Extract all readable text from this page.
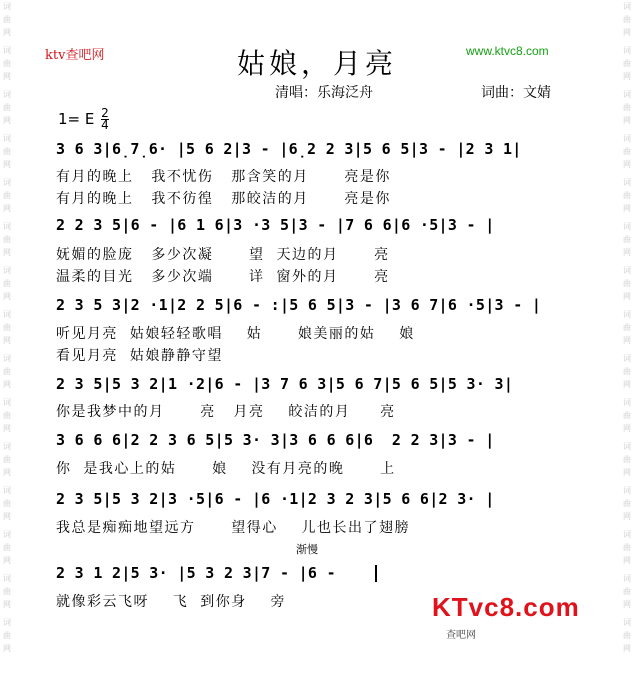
词曲网
词曲网
词曲网
词曲网
词曲网
词曲网
词曲网
词曲网
词曲网
词曲网
词曲网
词曲网
词曲网
词曲网
词曲网
词曲网
词曲网
词曲网
词曲网
词曲网
词曲网
词曲网
词曲网
词曲网
词曲网
词曲网
词曲网
词曲网
词曲网
词曲网
ktv查吧网	www.ktvc8.com
姑娘，月亮
清唱：乐海泛舟	词曲：文婧
1= E $\frac{2}{4}$
3 6 3|6̣7̣6· |5 6 2|3 - |6̣2 2 3|5 6 5|3 - |2 3 1|
有月的晚上   我不忧伤   那含笑的月      亮是你
有月的晚上   我不彷徨   那皎洁的月      亮是你
2 2 3 5|6 - |6 1 6|3 ·3 5|3 - |7 6 6|6 ·5|3 - |
妩媚的脸庞   多少次凝      望  天边的月      亮
温柔的目光   多少次端      详  窗外的月      亮
2 3 5 3|2 ·1|2 2 5|6 - :|5 6 5|3 - |3 6 7|6 ·5|3 - |
听见月亮  姑娘轻轻歌唱    姑      娘美丽的姑    娘
看见月亮  姑娘静静守望
2 3 5|5 3 2|1 ·2|6 - |3 7 6 3|5 6 7|5 6 5|5 3· 3|
你是我梦中的月      亮   月亮    皎洁的月     亮
3 6 6 6|2 2 3 6 5|5 3· 3|3 6 6 6|6  2 2 3|3 - |
你  是我心上的姑      娘    没有月亮的晚      上
2 3 5|5 3 2|3 ·5|6 - |6 ·1|2 3 2 3|5 6 6|2 3· |
我总是痴痴地望远方      望得心    儿也长出了翅膀
渐慢
2 3 1 2|5 3· |5 3 2 3|7 - |6 -
就像彩云飞呀    飞  到你身    旁	KTvc8.com
查吧网
